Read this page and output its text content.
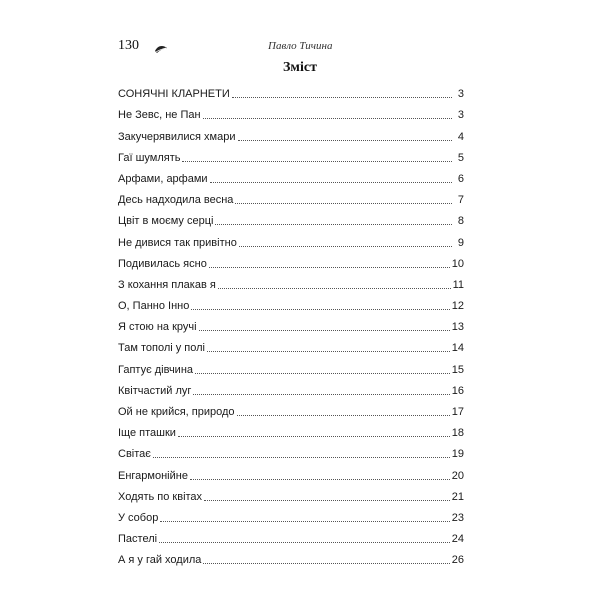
130	Павло Тичина
Зміст
СОНЯЧНІ КЛАРНЕТИ	3
Не Зевс, не Пан	3
Закучерявилися хмари	4
Гаї шумлять	5
Арфами, арфами	6
Десь надходила весна	7
Цвіт в моєму серці	8
Не дивися так привітно	9
Подивилась ясно	10
З кохання плакав я	11
О, Панно Інно	12
Я стою на кручі	13
Там тополі у полі	14
Гаптує дівчина	15
Квітчастий луг	16
Ой не крийся, природо	17
Іще пташки	18
Світає	19
Енгармонійне	20
Ходять по квітах	21
У собор	23
Пастелі	24
А я у гай ходила	26
